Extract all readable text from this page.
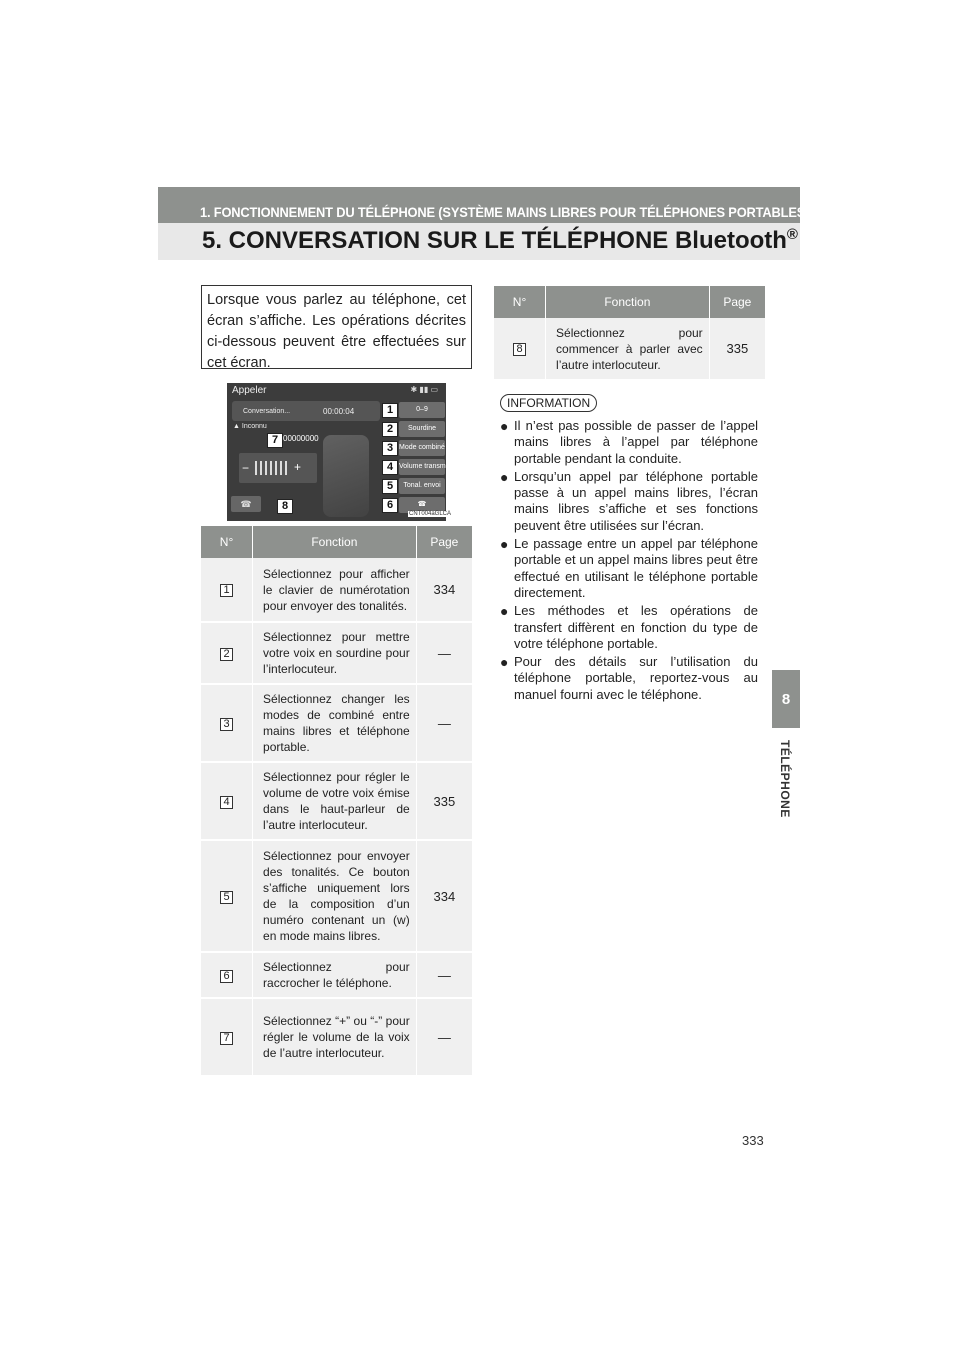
1. FONCTIONNEMENT DU TÉLÉPHONE (SYSTÈME MAINS LIBRES POUR TÉLÉPHONES PORTABLES)
5. CONVERSATION SUR LE TÉLÉPHONE Bluetooth®
8
TÉLÉPHONE
333
Lorsque vous parlez au téléphone, cet écran s’affiche. Les opérations décrites ci-dessous peuvent être effectuées sur cet écran.
Appeler	✱ ▮▮ ▭
Conversation...	00:00:04
▲ Inconnu
00000000
−	+
☎
0–9
Sourdine
Mode combiné
Volume transm.
Tonal. envoi
☎
1
2
3
4
5
6
7
8
CNT004aGLCA
N°	Fonction	Page
1	Sélectionnez pour afficher le clavier de numérotation pour envoyer des tonalités.	334
2	Sélectionnez pour mettre votre voix en sourdine pour l’interlocuteur.	—
3	Sélectionnez changer les modes de combiné entre mains libres et téléphone portable.	—
4	Sélectionnez pour régler le volume de votre voix émise dans le haut-parleur de l’autre interlocuteur.	335
5	Sélectionnez pour envoyer des tonalités. Ce bouton s’affiche uniquement lors de la composition d’un numéro contenant un (w) en mode mains libres.	334
6	Sélectionnez pour raccrocher le téléphone.	—
7	Sélectionnez “+” ou “-” pour régler le volume de la voix de l’autre interlocuteur.	—
N°	Fonction	Page
8	Sélectionnez pour commencer à parler avec l’autre interlocuteur.	335
INFORMATION
● Il n’est pas possible de passer de l’appel mains libres à l’appel par téléphone portable pendant la conduite.
● Lorsqu’un appel par téléphone portable passe à un appel mains libres, l’écran mains libres s’affiche et ses fonctions peuvent être utilisées sur l’écran.
● Le passage entre un appel par téléphone portable et un appel mains libres peut être effectué en utilisant le téléphone portable directement.
● Les méthodes et les opérations de transfert diffèrent en fonction du type de votre téléphone portable.
● Pour des détails sur l’utilisation du téléphone portable, reportez-vous au manuel fourni avec le téléphone.
